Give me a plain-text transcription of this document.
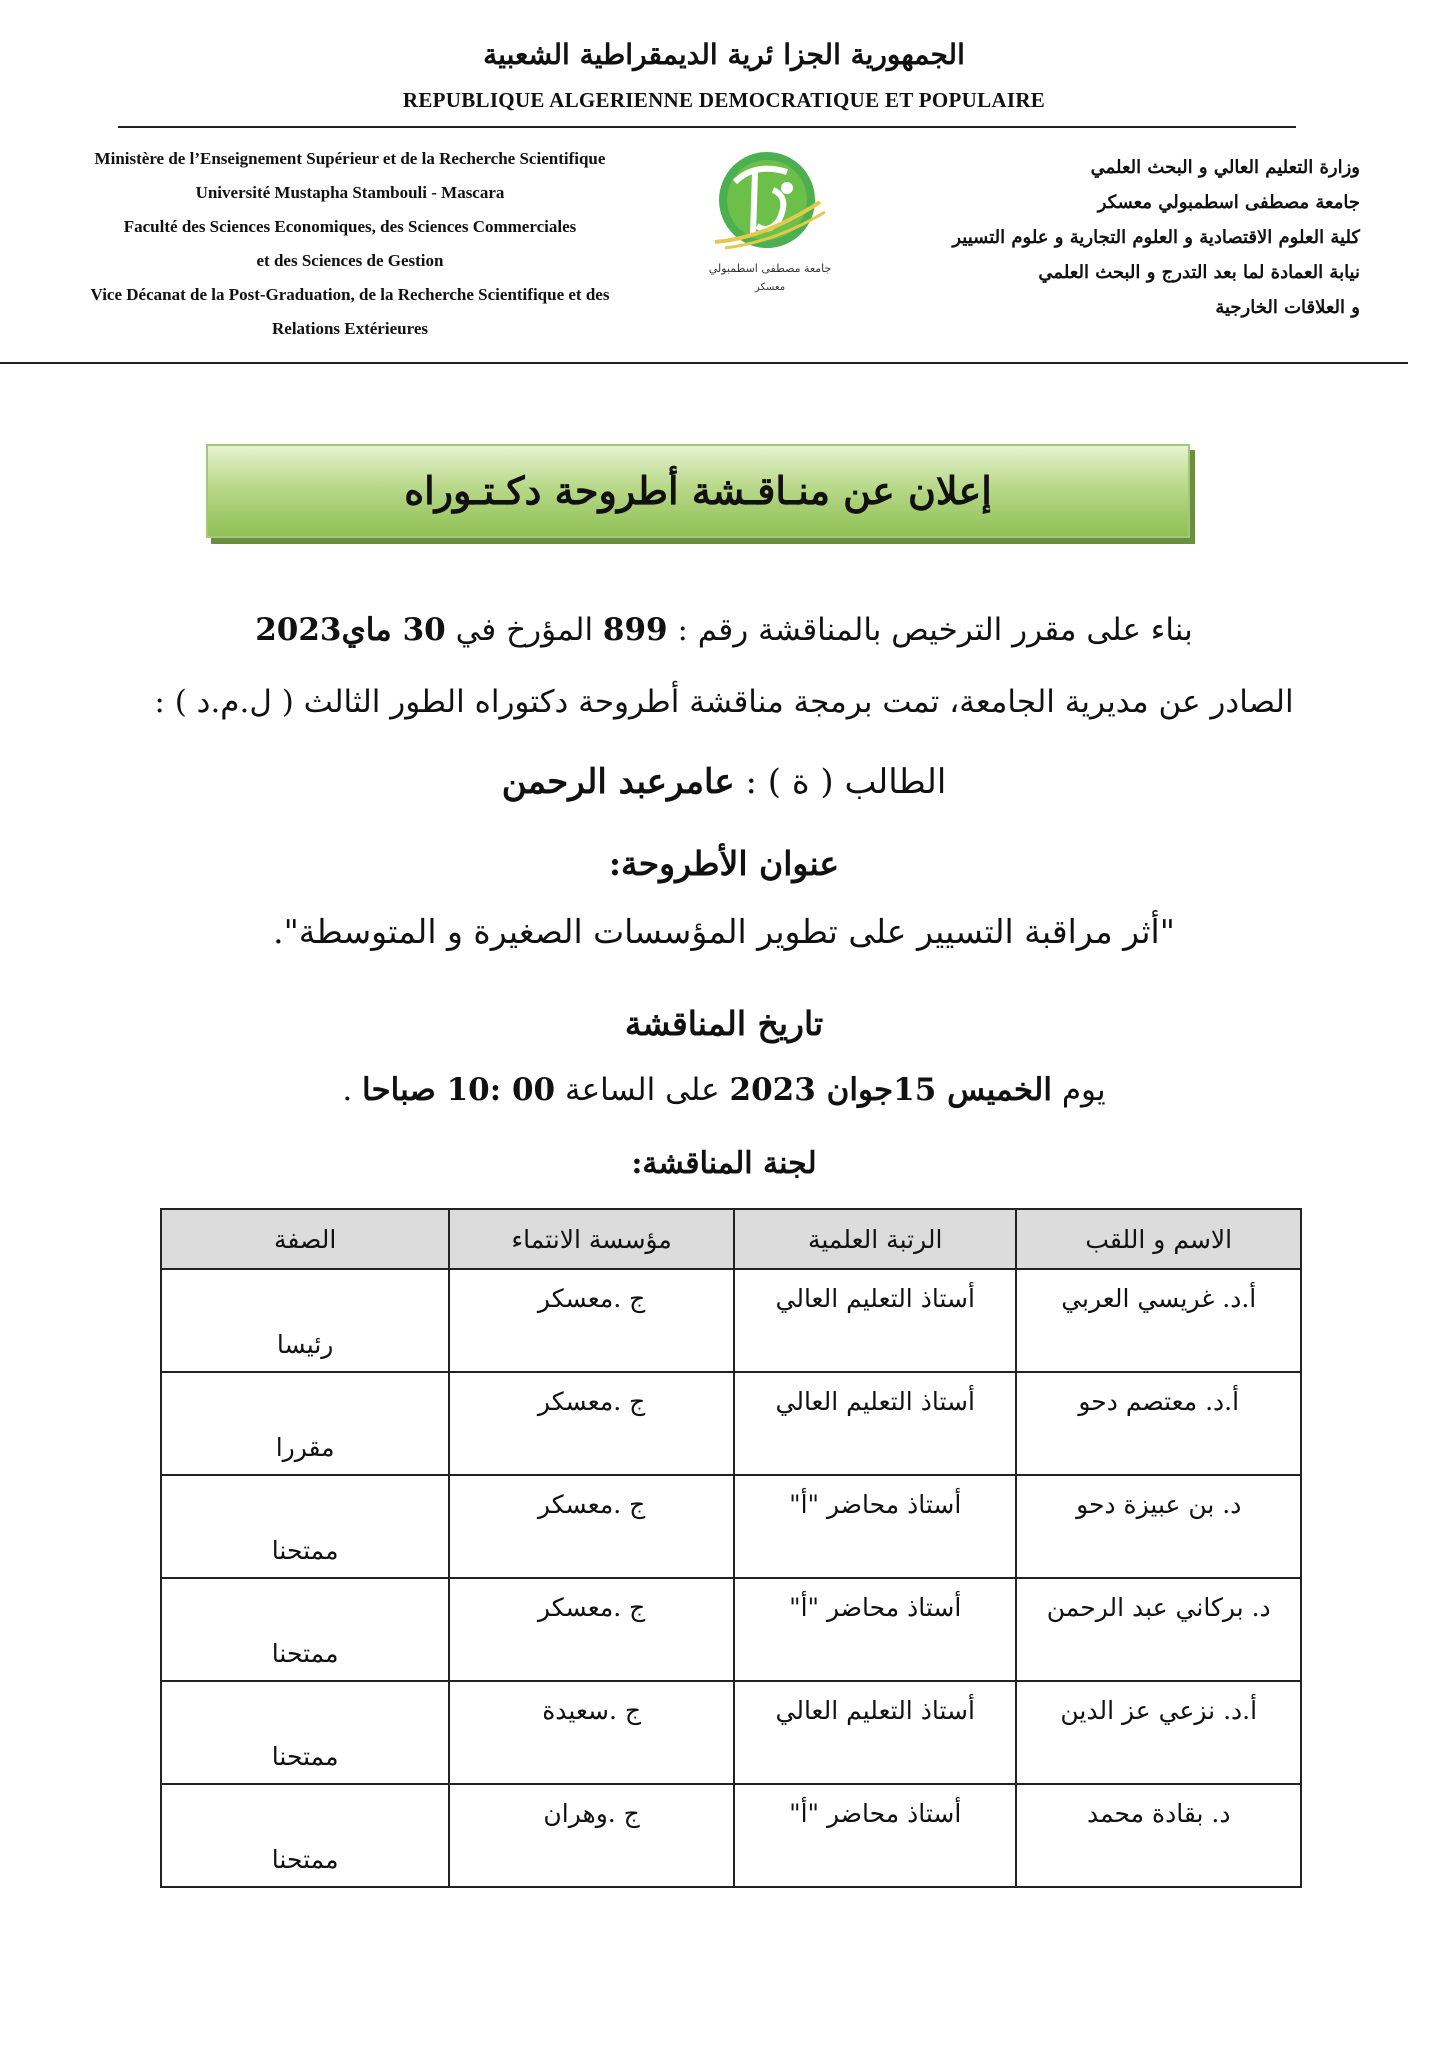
الجمهورية الجزا ئرية الديمقراطية الشعبية
REPUBLIQUE ALGERIENNE DEMOCRATIQUE ET POPULAIRE
Ministère de l’Enseignement Supérieur et de la Recherche Scientifique
Université Mustapha Stambouli - Mascara
Faculté des Sciences Economiques, des Sciences Commerciales
et des Sciences de Gestion
Vice Décanat de la Post-Graduation, de la Recherche Scientifique et des
Relations Extérieures
جامعة مصطفى اسطمبولي
معسكر
وزارة التعليم العالي و البحث العلمي
جامعة مصطفى اسطمبولي معسكر
كلية العلوم الاقتصادية و العلوم التجارية و علوم التسيير
نيابة العمادة لما بعد التدرج و البحث العلمي
و العلاقات الخارجية
إعلان عن منـاقـشة أطروحة دكـتـوراه
بناء على مقرر الترخيص بالمناقشة رقم : 899 المؤرخ في 30 ماي2023
الصادر عن مديرية الجامعة، تمت برمجة مناقشة أطروحة دكتوراه الطور الثالث ( ل.م.د ) :
الطالب ( ة ) : عامرعبد الرحمن
عنوان الأطروحة:
"أثر مراقبة التسيير على تطوير المؤسسات الصغيرة و المتوسطة".
تاريخ المناقشة
يوم الخميس 15جوان 2023 على الساعة 00 :10 صباحا .
لجنة المناقشة:
الاسم و اللقب	الرتبة العلمية	مؤسسة الانتماء	الصفة
أ.د. غريسي العربي	أستاذ التعليم العالي	ج .معسكر	رئيسا
أ.د. معتصم دحو	أستاذ التعليم العالي	ج .معسكر	مقررا
د. بن عبيزة دحو	أستاذ محاضر "أ"	ج .معسكر	ممتحنا
د. بركاني عبد الرحمن	أستاذ محاضر "أ"	ج .معسكر	ممتحنا
أ.د. نزعي عز الدين	أستاذ التعليم العالي	ج .سعيدة	ممتحنا
د. بقادة محمد	أستاذ محاضر "أ"	ج .وهران	ممتحنا
